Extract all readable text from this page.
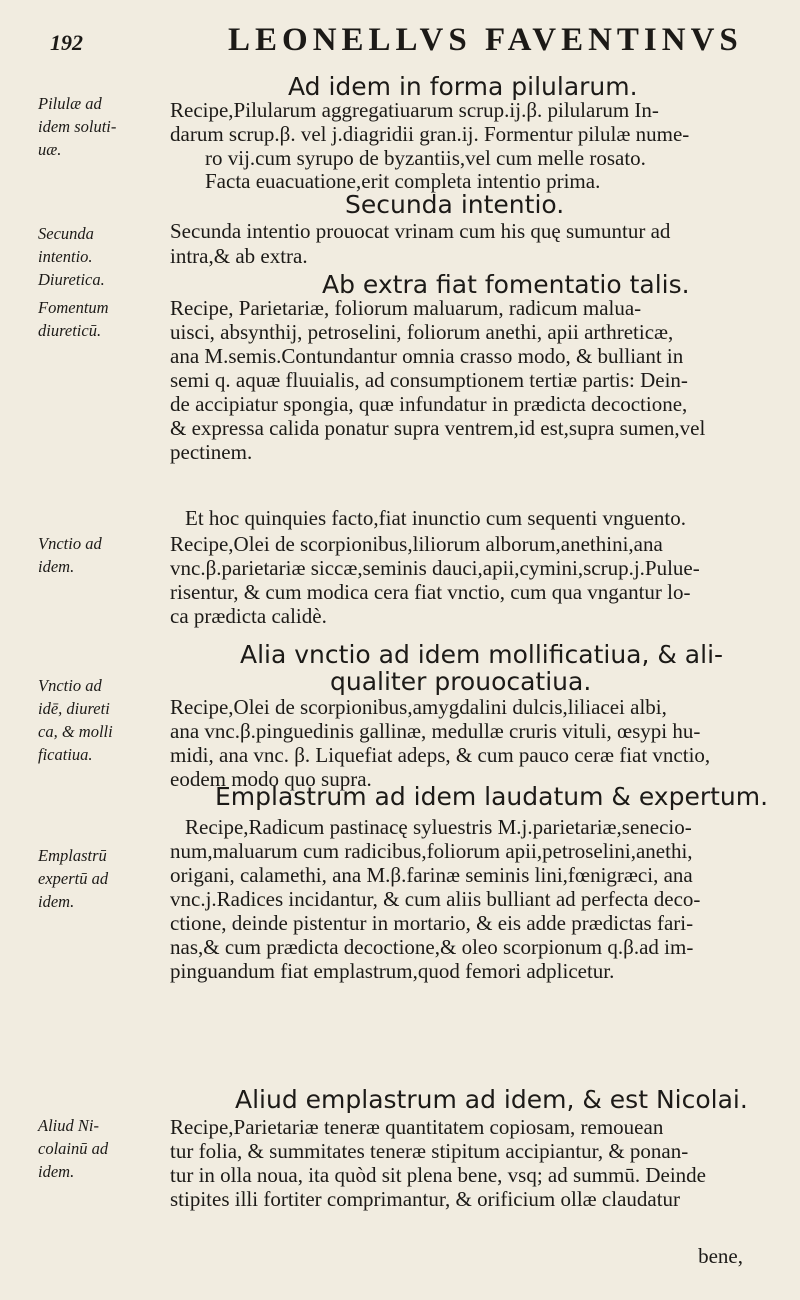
192	LEONELLVS FAVENTINVS
Pilulæ ad
idem soluti-
uæ.
Secunda
intentio.
Diuretica.
Fomentum
diureticū.
Vnctio ad
idem.
Vnctio ad
idē, diureti
ca, & molli
ficatiua.
Emplastrū
expertū ad
idem.
Aliud Ni-
colainū ad
idem.
Ad idem in forma pilularum.
Secunda intentio.
Ab extra fiat fomentatio talis.
Alia vnctio ad idem mollificatiua, & ali-
qualiter prouocatiua.
Emplastrum ad idem laudatum & expertum.
Aliud emplastrum ad idem, & est Nicolai.
Recipe,Pilularum aggregatiuarum scrup.ij.β. pilularum In-
darum scrup.β. vel j.diagridii gran.ij. Formentur pilulæ nume-
ro vij.cum syrupo de byzantiis,vel cum melle rosato.
Facta euacuatione,erit completa intentio prima.
Secunda intentio prouocat vrinam cum his quę sumuntur ad
intra,& ab extra.
Recipe, Parietariæ, foliorum maluarum, radicum malua-
uisci, absynthij, petroselini, foliorum anethi, apii arthreticæ,
ana M.semis.Contundantur omnia crasso modo, & bulliant in
semi q. aquæ fluuialis, ad consumptionem tertiæ partis: Dein-
de accipiatur spongia, quæ infundatur in prædicta decoctione,
& expressa calida ponatur supra ventrem,id est,supra sumen,vel
pectinem.
Et hoc quinquies facto,fiat inunctio cum sequenti vnguento.
Recipe,Olei de scorpionibus,liliorum alborum,anethini,ana
vnc.β.parietariæ siccæ,seminis dauci,apii,cymini,scrup.j.Pulue-
risentur, & cum modica cera fiat vnctio, cum qua vngantur lo-
ca prædicta calidè.
Recipe,Olei de scorpionibus,amygdalini dulcis,liliacei albi,
ana vnc.β.pinguedinis gallinæ, medullæ cruris vituli, œsypi hu-
midi, ana vnc. β. Liquefiat adeps, & cum pauco ceræ fiat vnctio,
eodem modo quo supra.
Recipe,Radicum pastinacę syluestris M.j.parietariæ,senecio-
num,maluarum cum radicibus,foliorum apii,petroselini,anethi,
origani, calamethi, ana M.β.farinæ seminis lini,fœnigræci, ana
vnc.j.Radices incidantur, & cum aliis bulliant ad perfecta deco-
ctione, deinde pistentur in mortario, & eis adde prædictas fari-
nas,& cum prædicta decoctione,& oleo scorpionum q.β.ad im-
pinguandum fiat emplastrum,quod femori adplicetur.
Recipe,Parietariæ teneræ quantitatem copiosam, remouean
tur folia, & summitates teneræ stipitum accipiantur, & ponan-
tur in olla noua, ita quòd sit plena bene, vsq; ad summū. Deinde
stipites illi fortiter comprimantur, & orificium ollæ claudatur
bene,
